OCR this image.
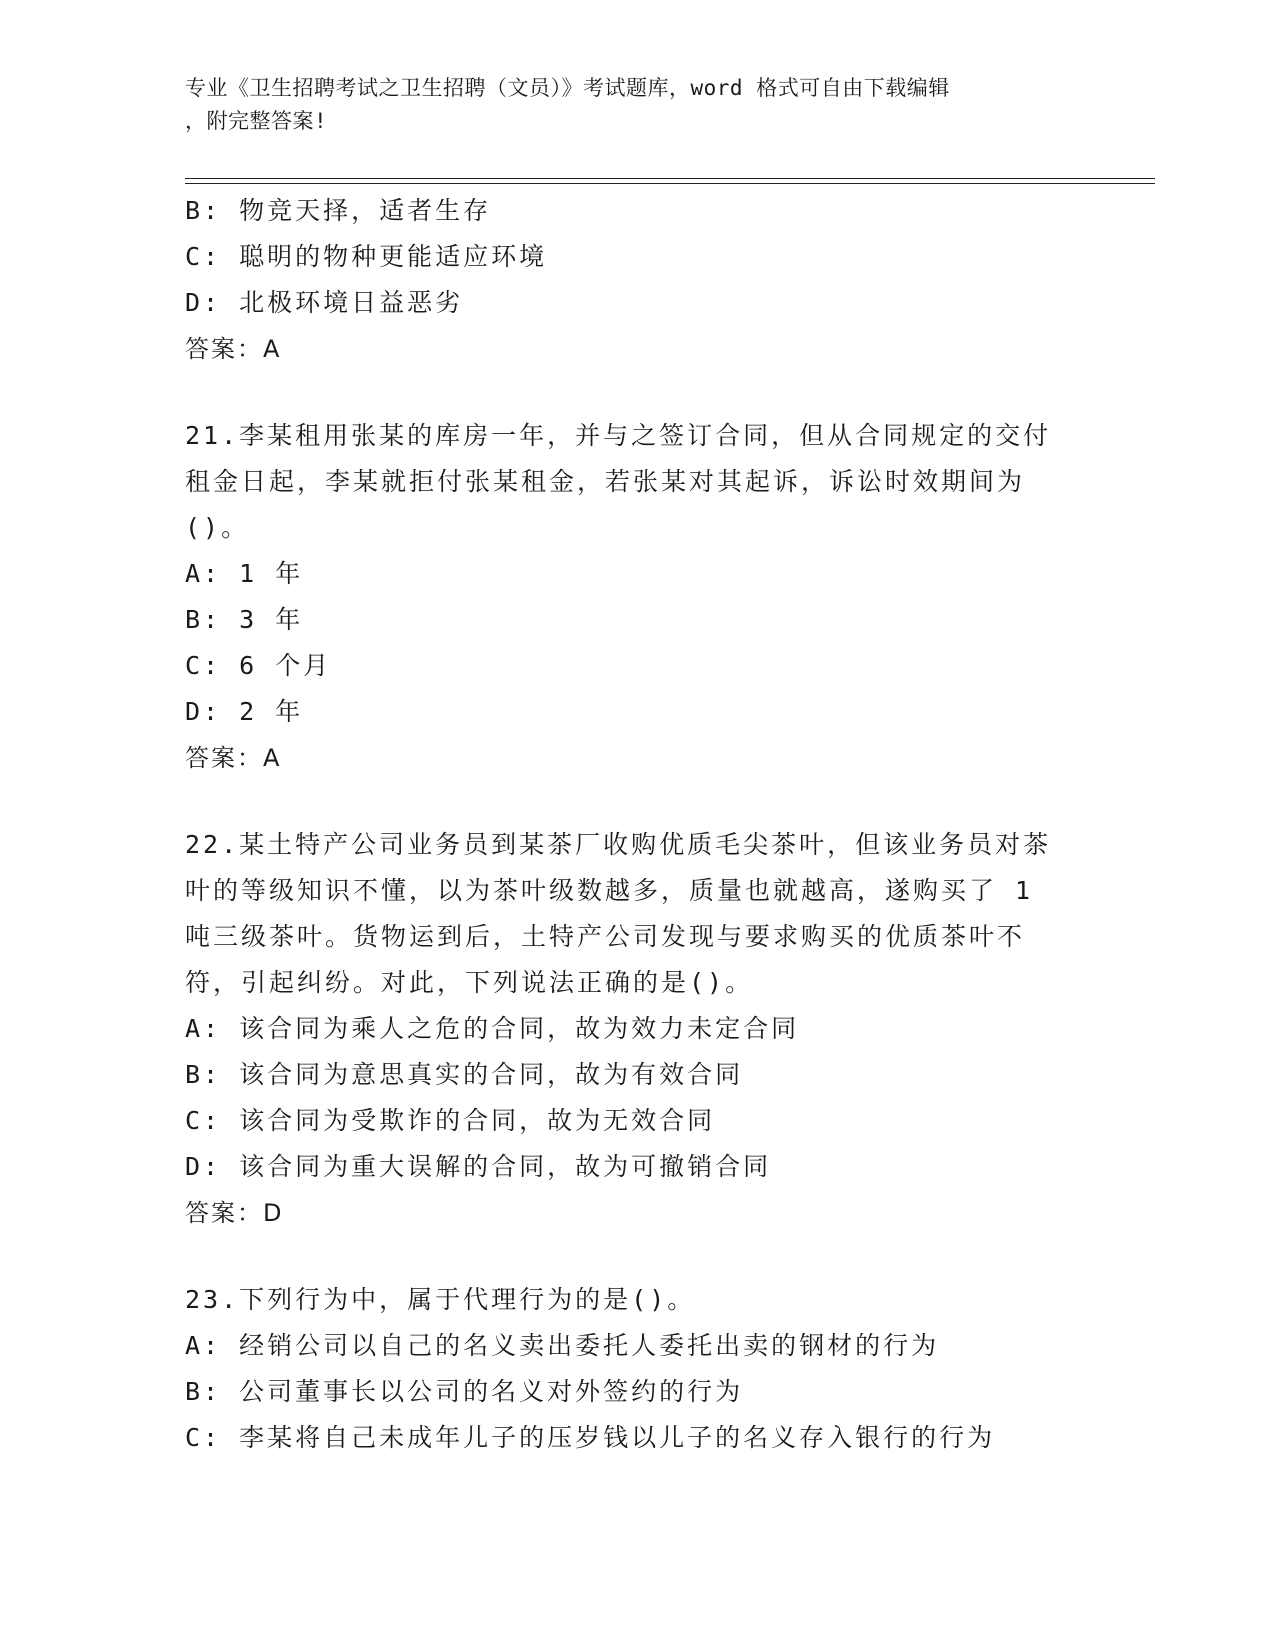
专业《卫生招聘考试之卫生招聘（文员）》考试题库，word 格式可自由下载编辑
，附完整答案!
B: 物竞天择，适者生存
C: 聪明的物种更能适应环境
D: 北极环境日益恶劣
答案：A
21.李某租用张某的库房一年，并与之签订合同，但从合同规定的交付
租金日起，李某就拒付张某租金，若张某对其起诉，诉讼时效期间为
()。
A: 1 年
B: 3 年
C: 6 个月
D: 2 年
答案：A
22.某土特产公司业务员到某茶厂收购优质毛尖茶叶，但该业务员对茶
叶的等级知识不懂，以为茶叶级数越多，质量也就越高，遂购买了 1
吨三级茶叶。货物运到后，土特产公司发现与要求购买的优质茶叶不
符，引起纠纷。对此，下列说法正确的是()。
A: 该合同为乘人之危的合同，故为效力未定合同
B: 该合同为意思真实的合同，故为有效合同
C: 该合同为受欺诈的合同，故为无效合同
D: 该合同为重大误解的合同，故为可撤销合同
答案：D
23.下列行为中，属于代理行为的是()。
A: 经销公司以自己的名义卖出委托人委托出卖的钢材的行为
B: 公司董事长以公司的名义对外签约的行为
C: 李某将自己未成年儿子的压岁钱以儿子的名义存入银行的行为
